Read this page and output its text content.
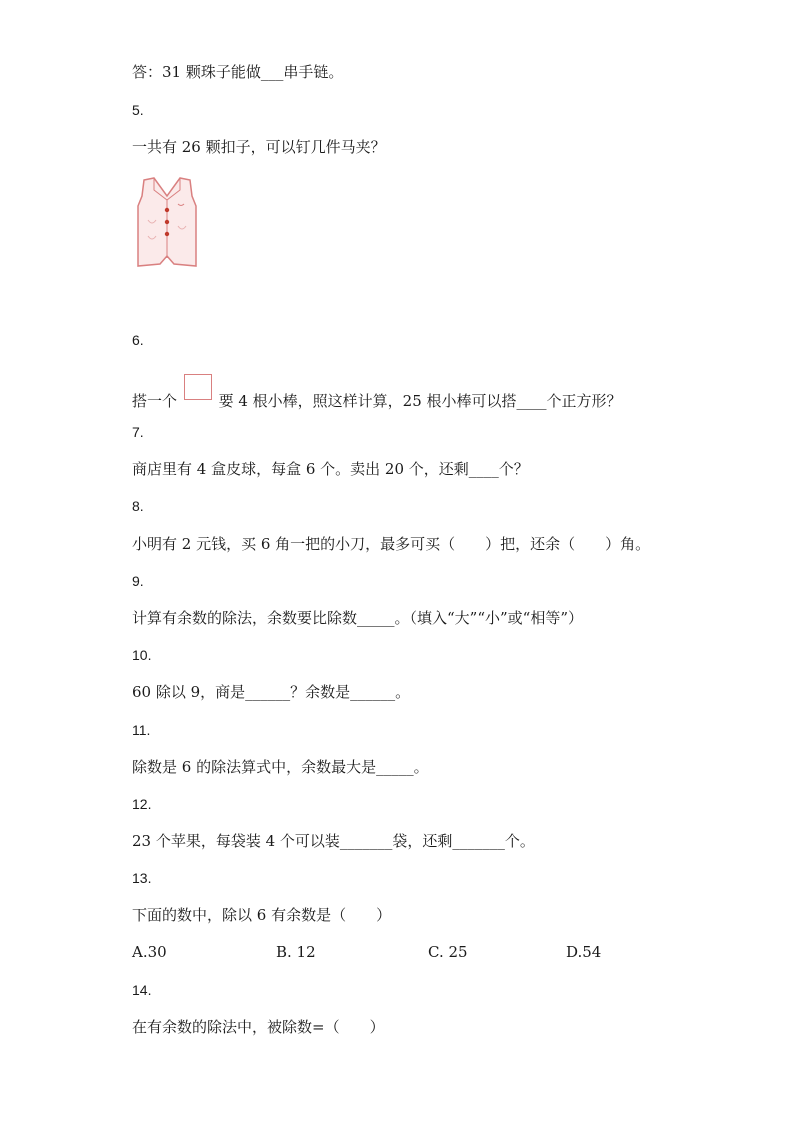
答：31 颗珠子能做___串手链。
5.
一共有 26 颗扣子，可以钉几件马夹？
6.
搭一个	要 4 根小棒，照这样计算，25 根小棒可以搭____个正方形？
7.
商店里有 4 盒皮球，每盒 6 个。卖出 20 个，还剩____个？
8.
小明有 2 元钱，买 6 角一把的小刀，最多可买（　　）把，还余（　　）角。
9.
计算有余数的除法，余数要比除数_____。（填入“大”“小”或“相等”）
10.
60 除以 9，商是______？余数是______。
11.
除数是 6 的除法算式中，余数最大是_____。
12.
23 个苹果，每袋装 4 个可以装_______袋，还剩_______个。
13.
下面的数中，除以 6 有余数是（　　）
A.30	B. 12	C. 25	D.54
14.
在有余数的除法中，被除数=（　　）
